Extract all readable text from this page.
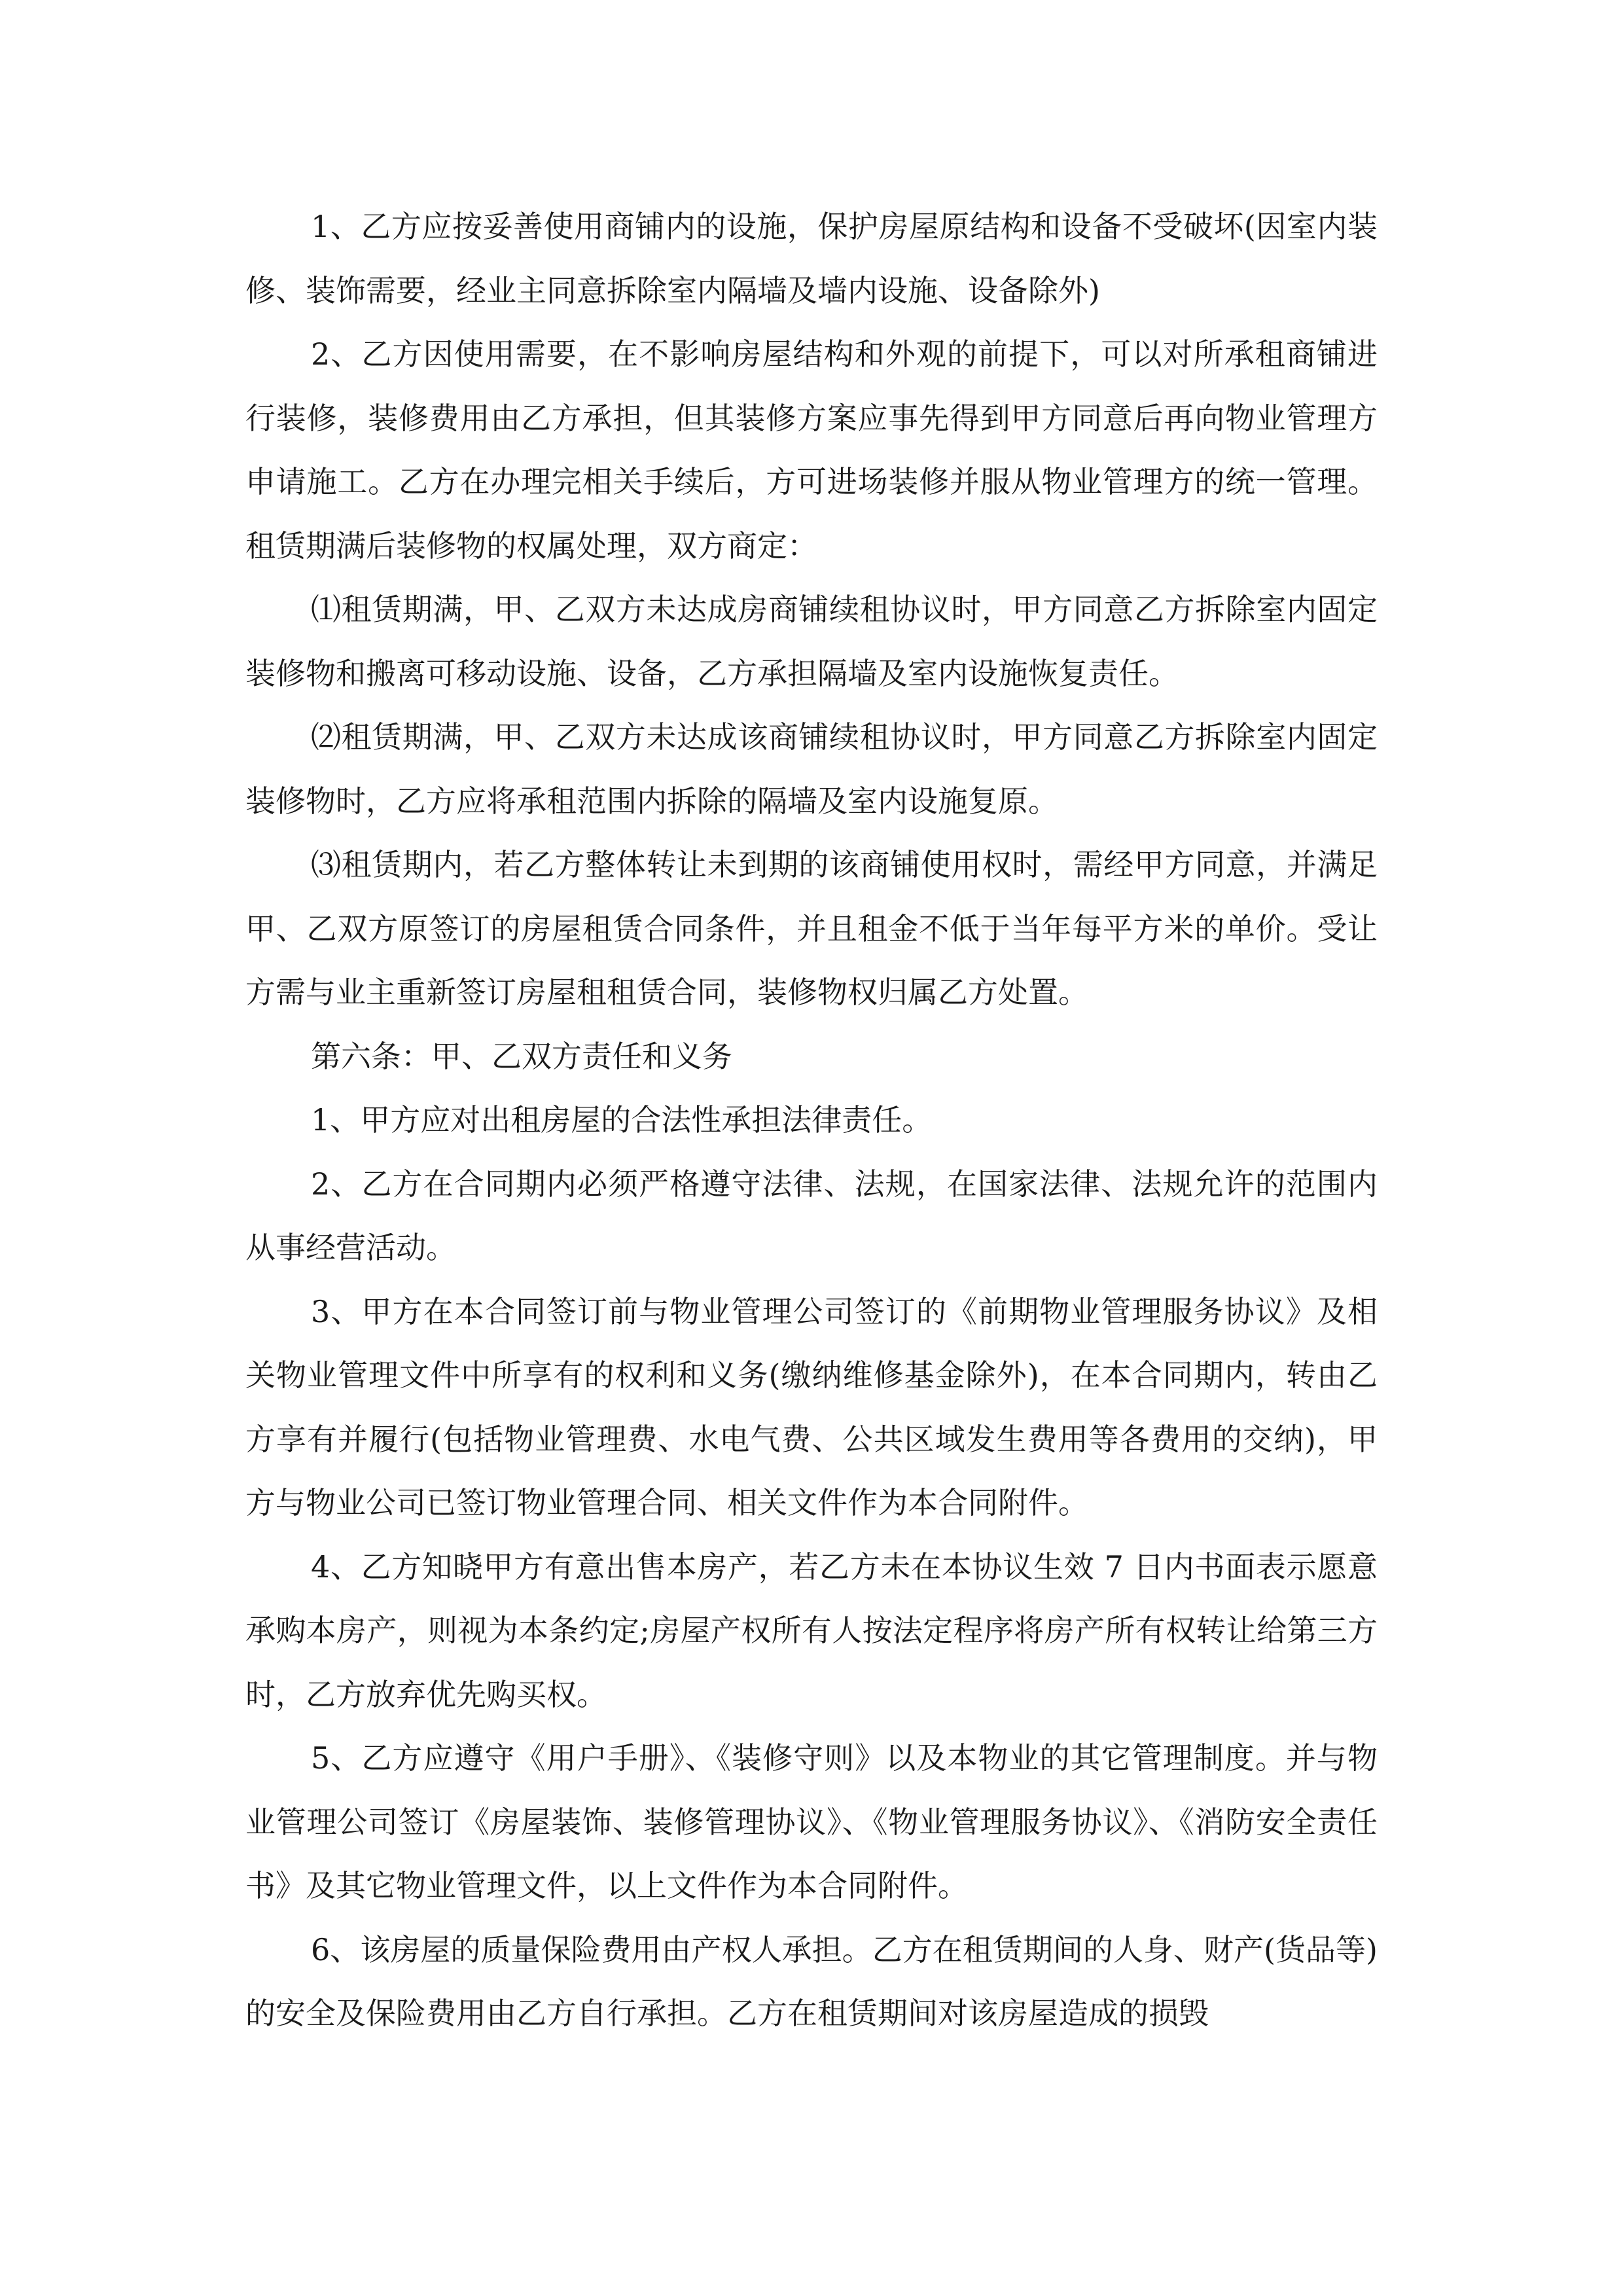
1、乙方应按妥善使用商铺内的设施，保护房屋原结构和设备不受破坏(因室内装修、装饰需要，经业主同意拆除室内隔墙及墙内设施、设备除外)

2、乙方因使用需要，在不影响房屋结构和外观的前提下，可以对所承租商铺进行装修，装修费用由乙方承担，但其装修方案应事先得到甲方同意后再向物业管理方申请施工。乙方在办理完相关手续后，方可进场装修并服从物业管理方的统一管理。租赁期满后装修物的权属处理，双方商定：

⑴租赁期满，甲、乙双方未达成房商铺续租协议时，甲方同意乙方拆除室内固定装修物和搬离可移动设施、设备，乙方承担隔墙及室内设施恢复责任。

⑵租赁期满，甲、乙双方未达成该商铺续租协议时，甲方同意乙方拆除室内固定装修物时，乙方应将承租范围内拆除的隔墙及室内设施复原。

⑶租赁期内，若乙方整体转让未到期的该商铺使用权时，需经甲方同意，并满足甲、乙双方原签订的房屋租赁合同条件，并且租金不低于当年每平方米的单价。受让方需与业主重新签订房屋租租赁合同，装修物权归属乙方处置。

第六条：甲、乙双方责任和义务

1、甲方应对出租房屋的合法性承担法律责任。

2、乙方在合同期内必须严格遵守法律、法规，在国家法律、法规允许的范围内从事经营活动。

3、甲方在本合同签订前与物业管理公司签订的《前期物业管理服务协议》及相关物业管理文件中所享有的权利和义务(缴纳维修基金除外)，在本合同期内，转由乙方享有并履行(包括物业管理费、水电气费、公共区域发生费用等各费用的交纳)，甲方与物业公司已签订物业管理合同、相关文件作为本合同附件。

4、乙方知晓甲方有意出售本房产，若乙方未在本协议生效 7 日内书面表示愿意承购本房产，则视为本条约定;房屋产权所有人按法定程序将房产所有权转让给第三方时，乙方放弃优先购买权。

5、乙方应遵守《用户手册》、《装修守则》以及本物业的其它管理制度。并与物业管理公司签订《房屋装饰、装修管理协议》、《物业管理服务协议》、《消防安全责任书》及其它物业管理文件，以上文件作为本合同附件。

6、该房屋的质量保险费用由产权人承担。乙方在租赁期间的人身、财产(货品等)的安全及保险费用由乙方自行承担。乙方在租赁期间对该房屋造成的损毁
